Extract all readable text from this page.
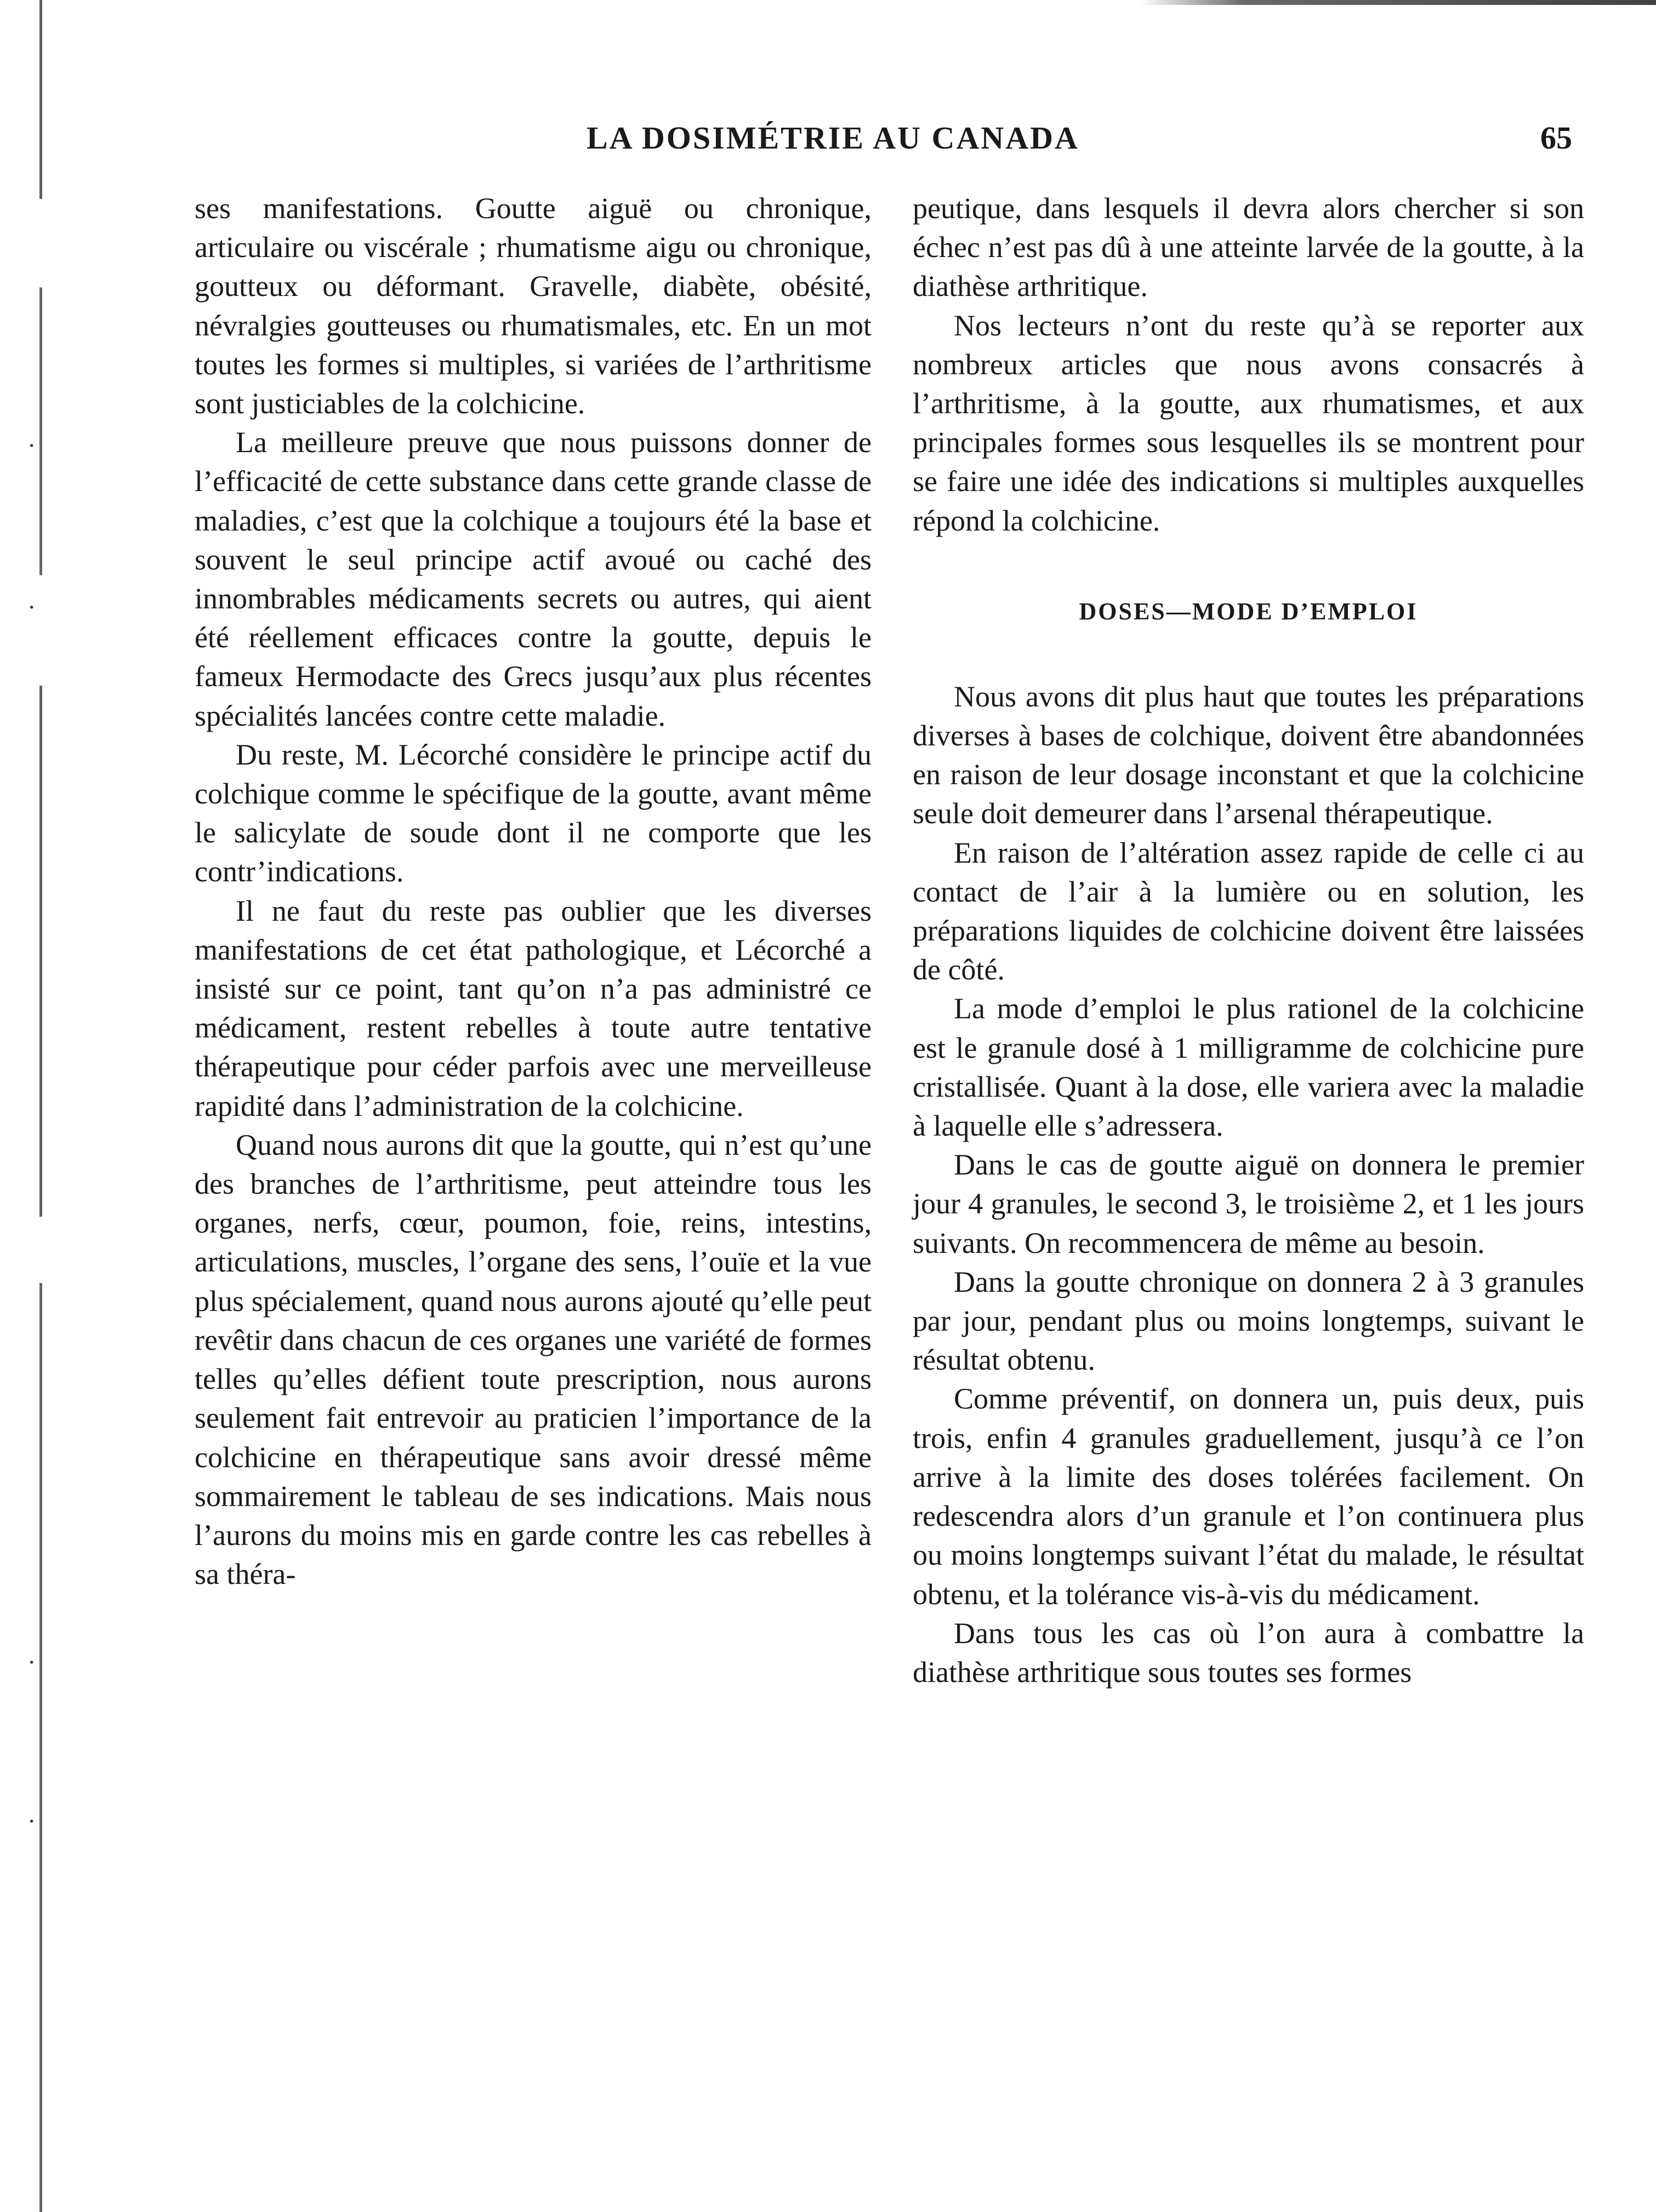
·
·
·
·
LA DOSIMÉTRIE AU CANADA	65

ses manifestations. Goutte aiguë ou chronique, articulaire ou viscérale ; rhumatisme aigu ou chronique, goutteux ou déformant. Gravelle, diabète, obésité, névralgies goutteuses ou rhumatismales, etc. En un mot toutes les formes si multiples, si variées de l’arthritisme sont justiciables de la colchicine.

La meilleure preuve que nous puissons donner de l’efficacité de cette substance dans cette grande classe de maladies, c’est que la colchique a toujours été la base et souvent le seul principe actif avoué ou caché des innombrables médicaments secrets ou autres, qui aient été réellement efficaces contre la goutte, depuis le fameux Hermodacte des Grecs jusqu’aux plus récentes spécialités lancées contre cette maladie.

Du reste, M. Lécorché considère le principe actif du colchique comme le spécifique de la goutte, avant même le salicylate de soude dont il ne comporte que les contr’indications.

Il ne faut du reste pas oublier que les diverses manifestations de cet état pathologique, et Lécorché a insisté sur ce point, tant qu’on n’a pas administré ce médicament, restent rebelles à toute autre tentative thérapeutique pour céder parfois avec une merveilleuse rapidité dans l’administration de la colchicine.

Quand nous aurons dit que la goutte, qui n’est qu’une des branches de l’arthritisme, peut atteindre tous les organes, nerfs, cœur, poumon, foie, reins, intestins, articulations, muscles, l’organe des sens, l’ouïe et la vue plus spécialement, quand nous aurons ajouté qu’elle peut revêtir dans chacun de ces organes une variété de formes telles qu’elles défient toute prescription, nous aurons seulement fait entrevoir au praticien l’importance de la colchicine en thérapeutique sans avoir dressé même sommairement le tableau de ses indications. Mais nous l’aurons du moins mis en garde contre les cas rebelles à sa théra-

peutique, dans lesquels il devra alors chercher si son échec n’est pas dû à une atteinte larvée de la goutte, à la diathèse arthritique.

Nos lecteurs n’ont du reste qu’à se reporter aux nombreux articles que nous avons consacrés à l’arthritisme, à la goutte, aux rhumatismes, et aux principales formes sous lesquelles ils se montrent pour se faire une idée des indications si multiples auxquelles répond la colchicine.

DOSES—MODE D’EMPLOI

Nous avons dit plus haut que toutes les préparations diverses à bases de colchique, doivent être abandonnées en raison de leur dosage inconstant et que la colchicine seule doit demeurer dans l’arsenal thérapeutique.

En raison de l’altération assez rapide de celle ci au contact de l’air à la lumière ou en solution, les préparations liquides de colchicine doivent être laissées de côté.

La mode d’emploi le plus rationel de la colchicine est le granule dosé à 1 milligramme de colchicine pure cristallisée. Quant à la dose, elle variera avec la maladie à laquelle elle s’adressera.

Dans le cas de goutte aiguë on donnera le premier jour 4 granules, le second 3, le troisième 2, et 1 les jours suivants. On recommencera de même au besoin.

Dans la goutte chronique on donnera 2 à 3 granules par jour, pendant plus ou moins longtemps, suivant le résultat obtenu.

Comme préventif, on donnera un, puis deux, puis trois, enfin 4 granules graduellement, jusqu’à ce l’on arrive à la limite des doses tolérées facilement. On redescendra alors d’un granule et l’on continuera plus ou moins longtemps suivant l’état du malade, le résultat obtenu, et la tolérance vis-à-vis du médicament.

Dans tous les cas où l’on aura à combattre la diathèse arthritique sous toutes ses formes
